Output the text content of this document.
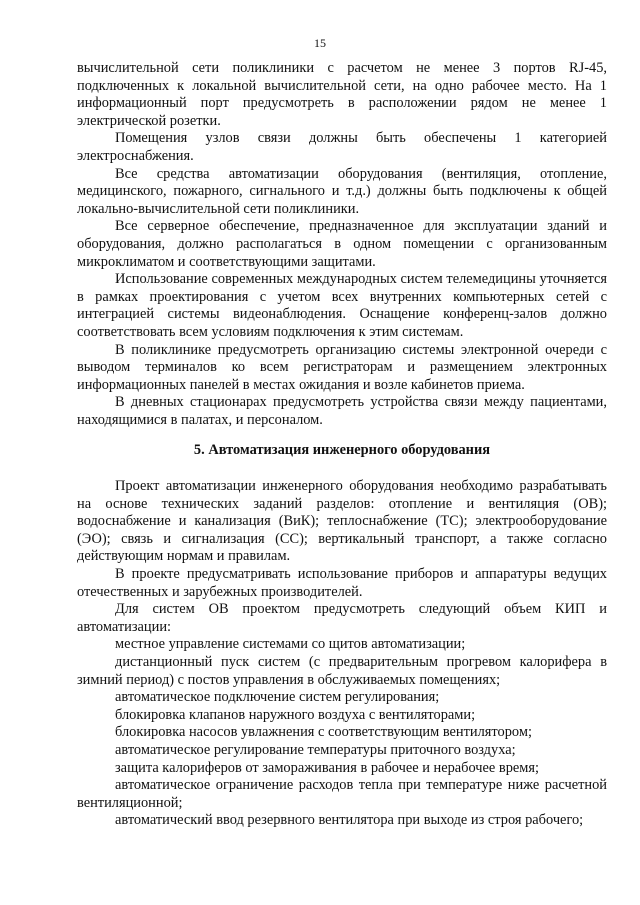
15

вычислительной сети поликлиники с расчетом не менее 3 портов RJ-45, подключенных к локальной вычислительной сети, на одно рабочее место. На 1 информационный порт предусмотреть в расположении рядом не менее 1 электрической розетки.

Помещения узлов связи должны быть обеспечены 1 категорией электроснабжения.

Все средства автоматизации оборудования (вентиляция, отопление, медицинского, пожарного, сигнального и т.д.) должны быть подключены к общей локально-вычислительной сети поликлиники.

Все серверное обеспечение, предназначенное для эксплуатации зданий и оборудования, должно располагаться в одном помещении с организованным микроклиматом и соответствующими защитами.

Использование современных международных систем телемедицины уточняется в рамках проектирования с учетом всех внутренних компьютерных сетей с интеграцией системы видеонаблюдения. Оснащение конференц-залов должно соответствовать всем условиям подключения к этим системам.

В поликлинике предусмотреть организацию системы электронной очереди с выводом терминалов ко всем регистраторам и размещением электронных информационных панелей в местах ожидания и возле кабинетов приема.

В дневных стационарах предусмотреть устройства связи между пациентами, находящимися в палатах, и персоналом.

5. Автоматизация инженерного оборудования

Проект автоматизации инженерного оборудования необходимо разрабатывать на основе технических заданий разделов: отопление и вентиляция (ОВ); водоснабжение и канализация (ВиК); теплоснабжение (ТС); электрооборудование (ЭО); связь и сигнализация (СС); вертикальный транспорт, а также согласно действующим нормам и правилам.

В проекте предусматривать использование приборов и аппаратуры ведущих отечественных и зарубежных производителей.

Для систем ОВ проектом предусмотреть следующий объем КИП и автоматизации:

местное управление системами со щитов автоматизации;

дистанционный пуск систем (с предварительным прогревом калорифера в зимний период) с постов управления в обслуживаемых помещениях;

автоматическое подключение систем регулирования;

блокировка клапанов наружного воздуха с вентиляторами;

блокировка насосов увлажнения с соответствующим вентилятором;

автоматическое регулирование температуры приточного воздуха;

защита калориферов от замораживания в рабочее и нерабочее время;

автоматическое ограничение расходов тепла при температуре ниже расчетной вентиляционной;

автоматический ввод резервного вентилятора при выходе из строя рабочего;
